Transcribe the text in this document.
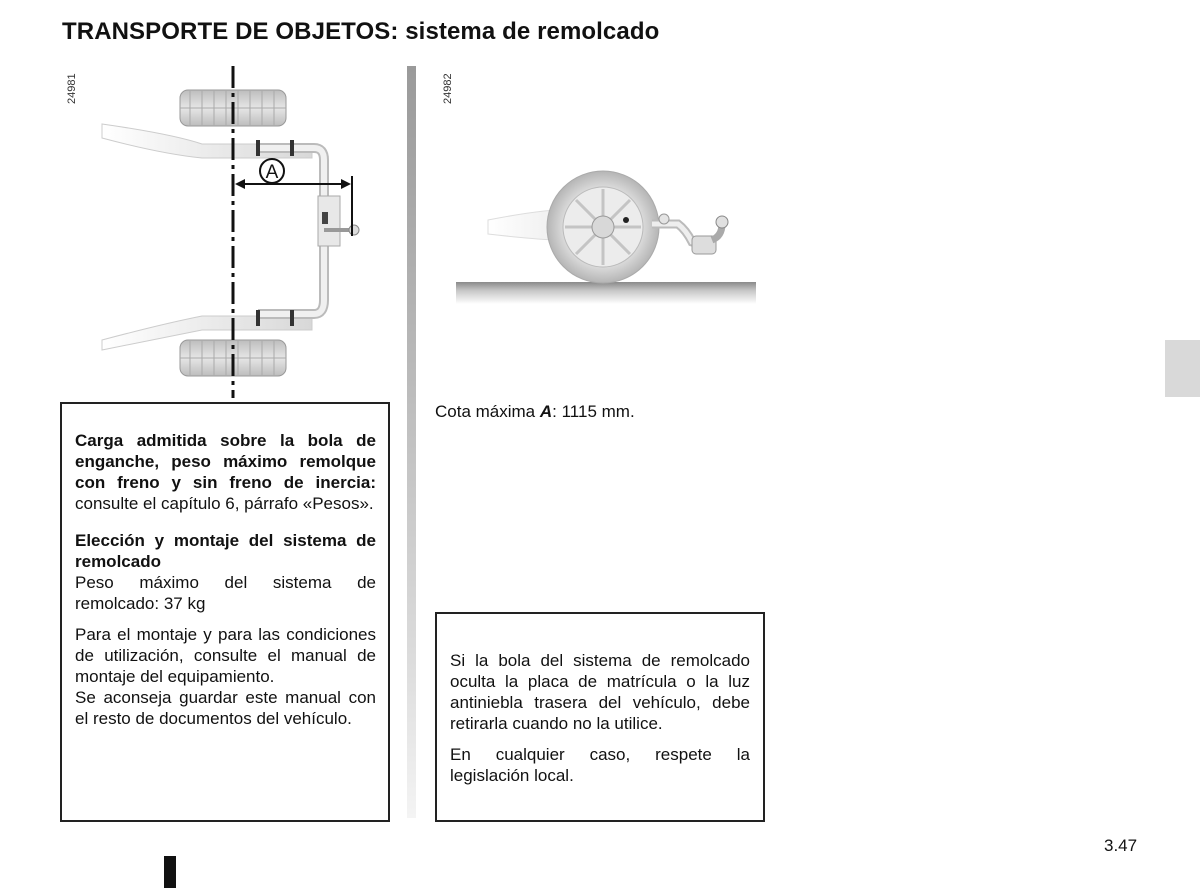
TRANSPORTE DE OBJETOS: sistema de remolcado
24981
A
24982

Carga admitida sobre la bola de enganche, peso máximo remolque con freno y sin freno de inercia: consulte el capítulo 6, párrafo «Pesos».

Elección y montaje del sistema de remolcado

Peso máximo del sistema de remolcado: 37 kg

Para el montaje y para las condiciones de utilización, consulte el manual de montaje del equipamiento.

Se aconseja guardar este manual con el resto de documentos del vehículo.

Cota máxima A: 1115 mm.

Si la bola del sistema de remolcado oculta la placa de matrícula o la luz antiniebla trasera del vehículo, debe retirarla cuando no la utilice.

En cualquier caso, respete la legislación local.

3.47
